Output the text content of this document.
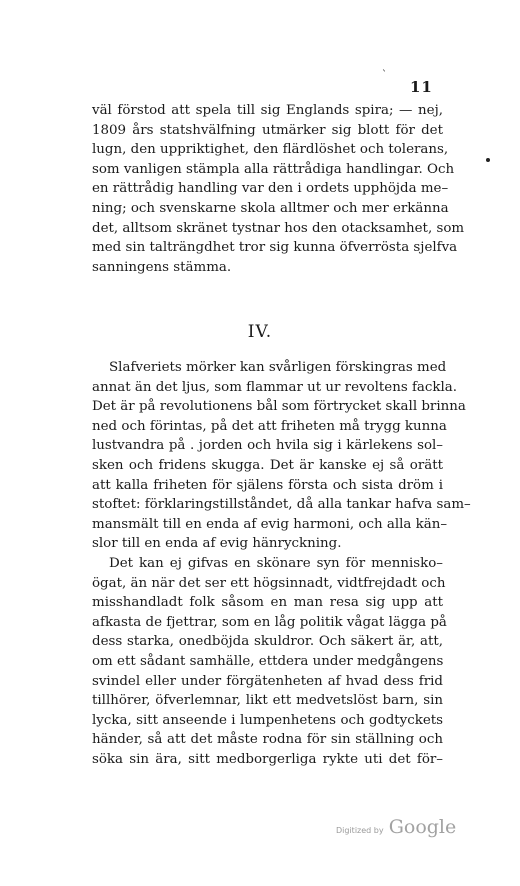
`
11
väl förstod att spela till sig Englands spira; — nej,
1809 års statshvälfning utmärker sig blott för det
lugn, den uppriktighet, den flärdlöshet och tolerans,
som vanligen stämpla alla rättrådiga handlingar. Och
en rättrådig handling var den i ordets upphöjda me–
ning; och svenskarne skola alltmer och mer erkänna
det, alltsom skränet tystnar hos den otacksamhet, som
med sin talträngdhet tror sig kunna öfverrösta sjelfva
sanningens stämma.
IV.
Slafveriets mörker kan svårligen förskingras med
annat än det ljus, som flammar ut ur revoltens fackla.
Det är på revolutionens bål som förtrycket skall brinna
ned och förintas, på det att friheten må trygg kunna
lustvandra på . jorden och hvila sig i kärlekens sol–
sken och fridens skugga. Det är kanske ej så orätt
att kalla friheten för själens första och sista dröm i
stoftet: förklaringstillståndet, då alla tankar hafva sam–
mansmält till en enda af evig harmoni, och alla kän–
slor till en enda af evig hänryckning.
Det kan ej gifvas en skönare syn för mennisko–
ögat, än när det ser ett högsinnadt, vidtfrejdadt och
misshandladt folk såsom en man resa sig upp att
afkasta de fjettrar, som en låg politik vågat lägga på
dess starka, onedböjda skuldror. Och säkert är, att,
om ett sådant samhälle, ettdera under medgångens
svindel eller under förgätenheten af hvad dess frid
tillhörer, öfverlemnar, likt ett medvetslöst barn, sin
lycka, sitt anseende i lumpenhetens och godtyckets
händer, så att det måste rodna för sin ställning och
söka sin ära, sitt medborgerliga rykte uti det för–
Digitized by Google
